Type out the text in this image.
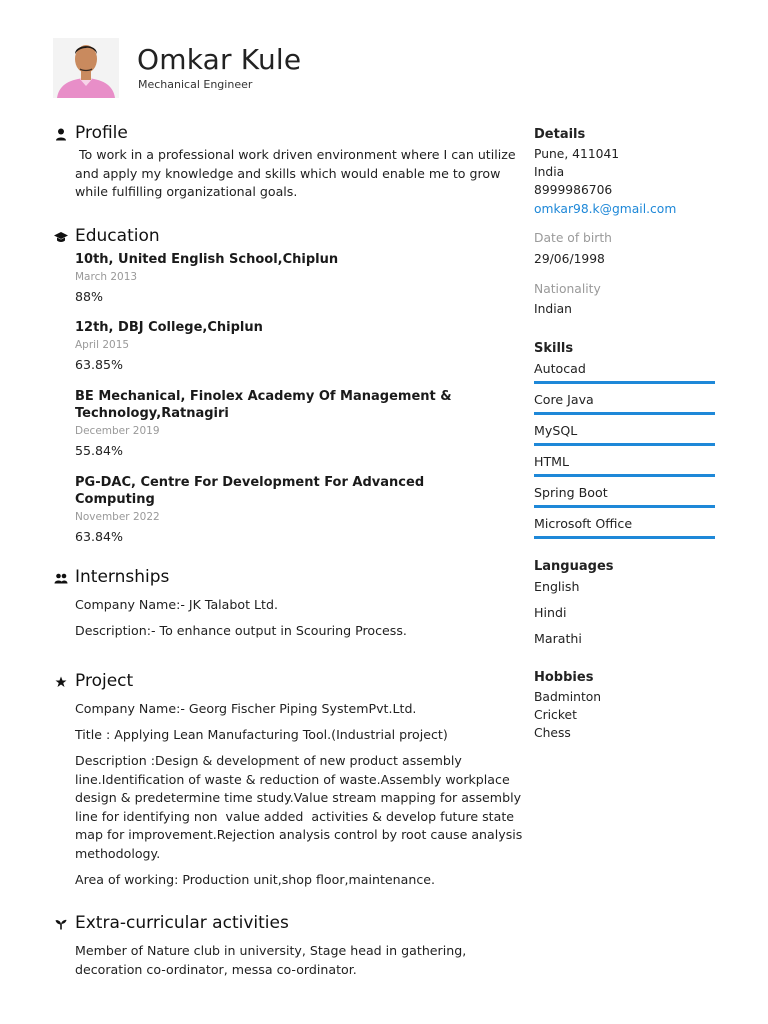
Omkar Kule
Mechanical Engineer
Profile
To work in a professional work driven environment where I can utilize
and apply my knowledge and skills which would enable me to grow
while fulfilling organizational goals.
Education
10th, United English School,Chiplun
March 2013
88%
12th, DBJ College,Chiplun
April 2015
63.85%
BE Mechanical, Finolex Academy Of Management &
Technology,Ratnagiri
December 2019
55.84%
PG-DAC, Centre For Development For Advanced Computing
November 2022
63.84%
Internships
Company Name:- JK Talabot Ltd.
Description:- To enhance output in Scouring Process.
Project
Company Name:- Georg Fischer Piping SystemPvt.Ltd.
Title : Applying Lean Manufacturing Tool.(Industrial project)
Description :Design & development of new product assembly
line.Identification of waste & reduction of waste.Assembly workplace
design & predetermine time study.Value stream mapping for assembly
line for identifying non  value added  activities & develop future state
map for improvement.Rejection analysis control by root cause analysis
methodology.
Area of working: Production unit,shop floor,maintenance.
Extra-curricular activities
Member of Nature club in university, Stage head in gathering,
decoration co-ordinator, messa co-ordinator.
Details
Pune, 411041
India
8999986706
omkar98.k@gmail.com
Date of birth
29/06/1998
Nationality
Indian
Skills
Autocad
Core Java
MySQL
HTML
Spring Boot
Microsoft Office
Languages
English
Hindi
Marathi
Hobbies
Badminton
Cricket
Chess
